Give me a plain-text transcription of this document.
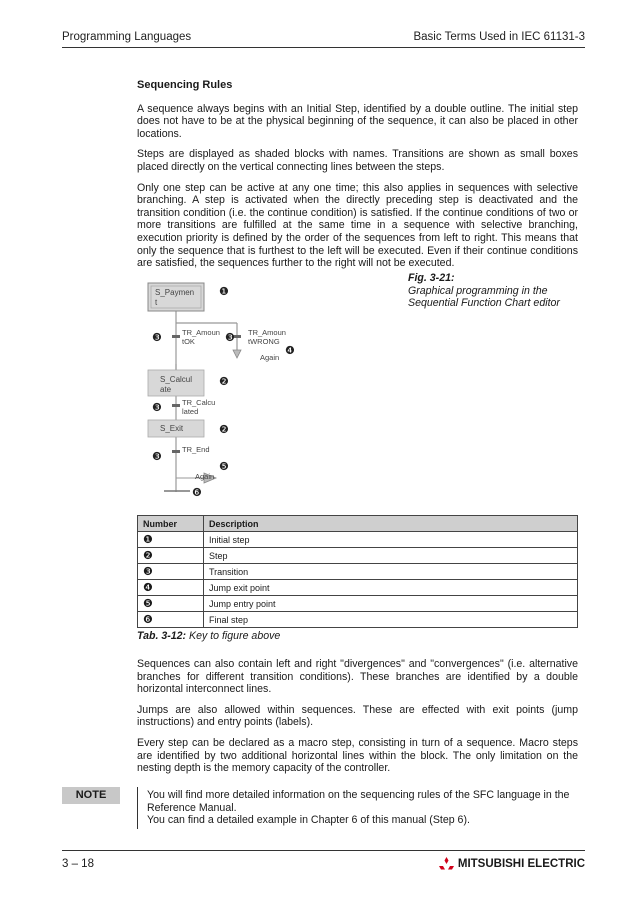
Programming Languages	Basic Terms Used in IEC 61131-3
Sequencing Rules

A sequence always begins with an Initial Step, identified by a double outline. The initial step does not have to be at the physical beginning of the sequence, it can also be placed in other locations.

Steps are displayed as shaded blocks with names. Transitions are shown as small boxes placed directly on the vertical connecting lines between the steps.

Only one step can be active at any one time; this also applies in sequences with selective branching. A step is activated when the directly preceding step is deactivated and the transition condition (i.e. the continue condition) is satisfied. If the continue conditions of two or more transitions are fulfilled at the same time in a sequence with selective branching, execution priority is defined by the order of the sequences from left to right. This means that only the sequence that is furthest to the left will be executed. Even if their continue conditions are satisfied, the sequences further to the right will not be executed.

S_Paymen
t
❶
TR_Amoun
tOK
❸	TR_Amoun
tWRONG
❸
Again
❹
S_Calcul
ate
❷
TR_Calcu
lated
❸
S_Exit	❷
TR_End
❸
Again
❺
❻
Fig. 3-21:
Graphical programming in the Sequential Function Chart editor
Number	Description
❶	Initial step
❷	Step
❸	Transition
❹	Jump exit point
❺	Jump entry point
❻	Final step
Tab. 3-12: Key to figure above

Sequences can also contain left and right "divergences" and "convergences" (i.e. alternative branches for different transition conditions). These branches are identified by a double horizontal interconnect lines.

Jumps are also allowed within sequences. These are effected with exit points (jump instructions) and entry points (labels).

Every step can be declared as a macro step, consisting in turn of a sequence. Macro steps are identified by two additional horizontal lines within the block. The only limitation on the nesting depth is the memory capacity of the controller.

NOTE	You will find more detailed information on the sequencing rules of the SFC language in the Reference Manual.
You can find a detailed example in Chapter 6 of this manual (Step 6).
3 – 18	MITSUBISHI ELECTRIC
